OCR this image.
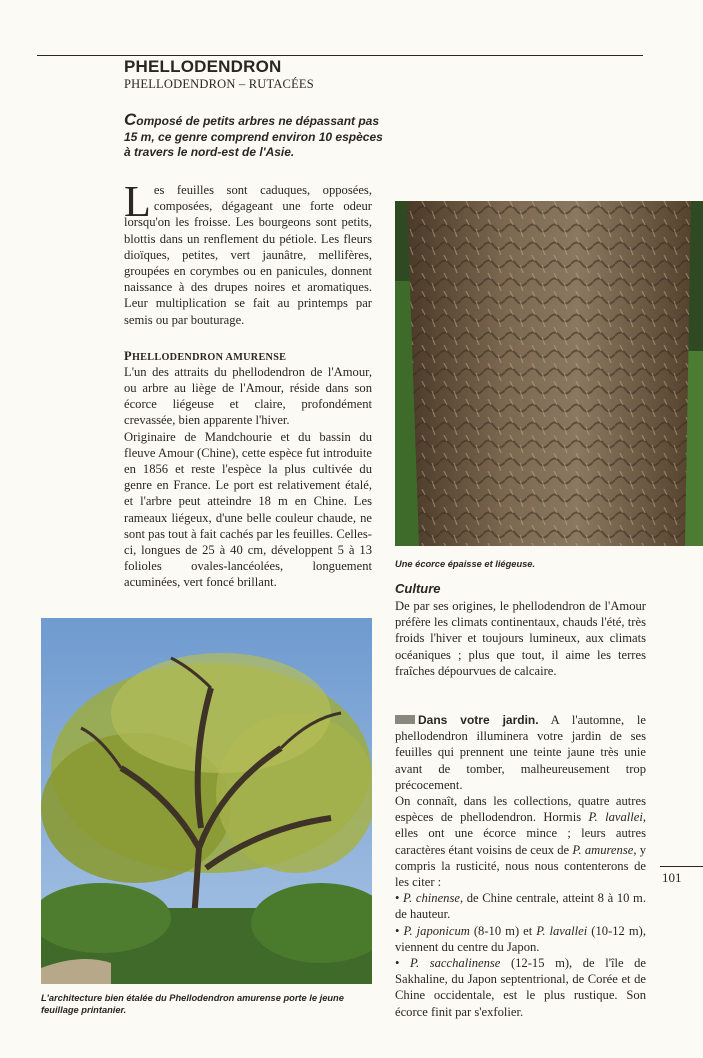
PHELLODENDRON

PHELLODENDRON – RUTACÉES

Composé de petits arbres ne dépassant pas 15 m, ce genre comprend environ 10 espèces à travers le nord-est de l'Asie.

Les feuilles sont caduques, opposées, composées, dégageant une forte odeur lorsqu'on les froisse. Les bourgeons sont petits, blottis dans un renflement du pétiole. Les fleurs dioïques, petites, vert jaunâtre, mellifères, groupées en corymbes ou en panicules, donnent naissance à des drupes noires et aromatiques. Leur multiplication se fait au printemps par semis ou par bouturage.

PHELLODENDRON AMURENSE

L'un des attraits du phellodendron de l'Amour, ou arbre au liège de l'Amour, réside dans son écorce liégeuse et claire, profondément crevassée, bien apparente l'hiver.

Originaire de Mandchourie et du bassin du fleuve Amour (Chine), cette espèce fut introduite en 1856 et reste l'espèce la plus cultivée du genre en France. Le port est relativement étalé, et l'arbre peut atteindre 18 m en Chine. Les rameaux liégeux, d'une belle couleur chaude, ne sont pas tout à fait cachés par les feuilles. Celles-ci, longues de 25 à 40 cm, développent 5 à 13 folioles ovales-lancéolées, longuement acuminées, vert foncé brillant.

Une écorce épaisse et liégeuse.

Culture

De par ses origines, le phellodendron de l'Amour préfère les climats continentaux, chauds l'été, très froids l'hiver et toujours lumineux, aux climats océaniques ; plus que tout, il aime les terres fraîches dépourvues de calcaire.

Dans votre jardin. A l'automne, le phellodendron illuminera votre jardin de ses feuilles qui prennent une teinte jaune très unie avant de tomber, malheureusement trop précocement.

On connaît, dans les collections, quatre autres espèces de phellodendron. Hormis P. lavallei, elles ont une écorce mince ; leurs autres caractères étant voisins de ceux de P. amurense, y compris la rusticité, nous nous contenterons de les citer :

• P. chinense, de Chine centrale, atteint 8 à 10 m. de hauteur.

• P. japonicum (8-10 m) et P. lavallei (10-12 m), viennent du centre du Japon.

• P. sacchalinense (12-15 m), de l'île de Sakhaline, du Japon septentrional, de Corée et de Chine occidentale, est le plus rustique. Son écorce finit par s'exfolier.

L'architecture bien étalée du Phellodendron amurense porte le jeune feuillage printanier.

101
